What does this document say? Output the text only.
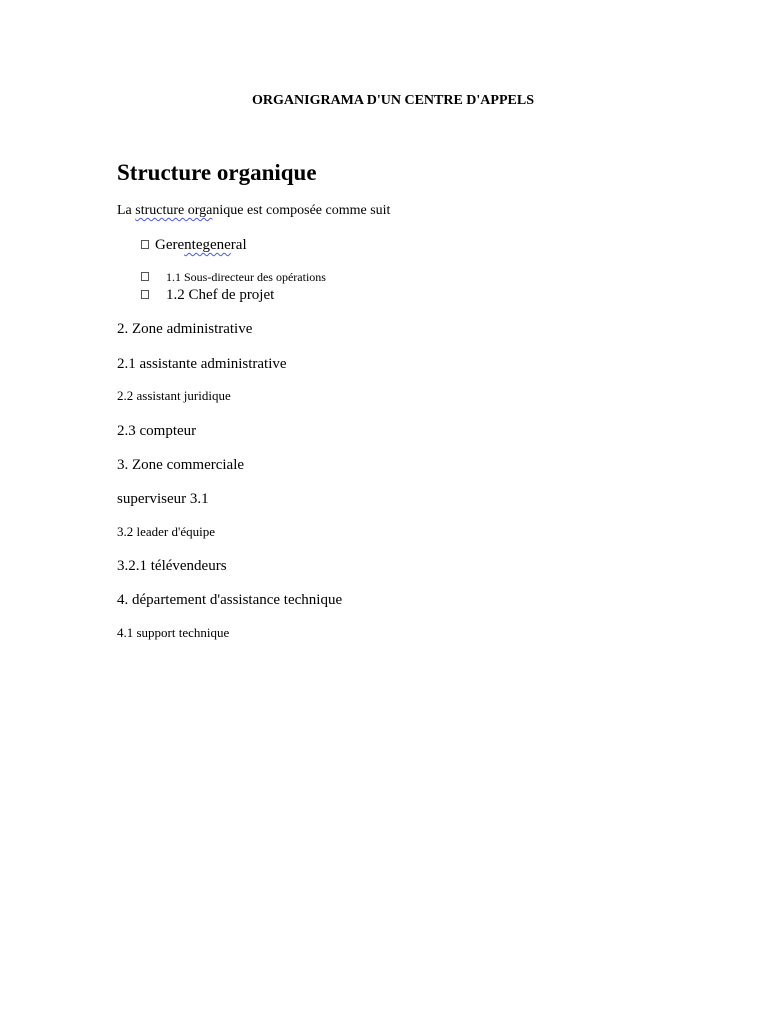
ORGANIGRAMA D'UN CENTRE D'APPELS
Structure organique
La structure organique est composée comme suit
Gerentegeneral
1.1 Sous-directeur des opérations
1.2 Chef de projet
2. Zone administrative
2.1 assistante administrative
2.2 assistant juridique
2.3 compteur
3. Zone commerciale
superviseur 3.1
3.2 leader d'équipe
3.2.1 télévendeurs
4. département d'assistance technique
4.1 support technique
